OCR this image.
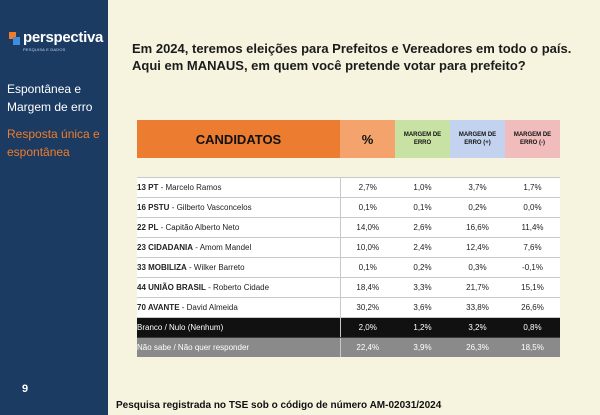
perspectiva
PESQUISA E DADOS
Espontânea e Margem de erro
Resposta única e espontânea
9
Em 2024, teremos eleições para Prefeitos e Vereadores em todo o país.
Aqui em MANAUS, em quem você pretende votar para prefeito?
CANDIDATOS	%	MARGEM DE ERRO	MARGEM DE ERRO (+)	MARGEM DE ERRO (-)

13 PT - Marcelo Ramos	2,7%	1,0%	3,7%	1,7%
16 PSTU - Gilberto Vasconcelos	0,1%	0,1%	0,2%	0,0%
22 PL - Capitão Alberto Neto	14,0%	2,6%	16,6%	11,4%
23 CIDADANIA - Amom Mandel	10,0%	2,4%	12,4%	7,6%
33 MOBILIZA - Wilker Barreto	0,1%	0,2%	0,3%	-0,1%
44 UNIÃO BRASIL - Roberto Cidade	18,4%	3,3%	21,7%	15,1%
70 AVANTE - David Almeida	30,2%	3,6%	33,8%	26,6%
Branco / Nulo (Nenhum)	2,0%	1,2%	3,2%	0,8%
Não sabe / Não quer responder	22,4%	3,9%	26,3%	18,5%
Pesquisa registrada no TSE sob o código de número AM-02031/2024
